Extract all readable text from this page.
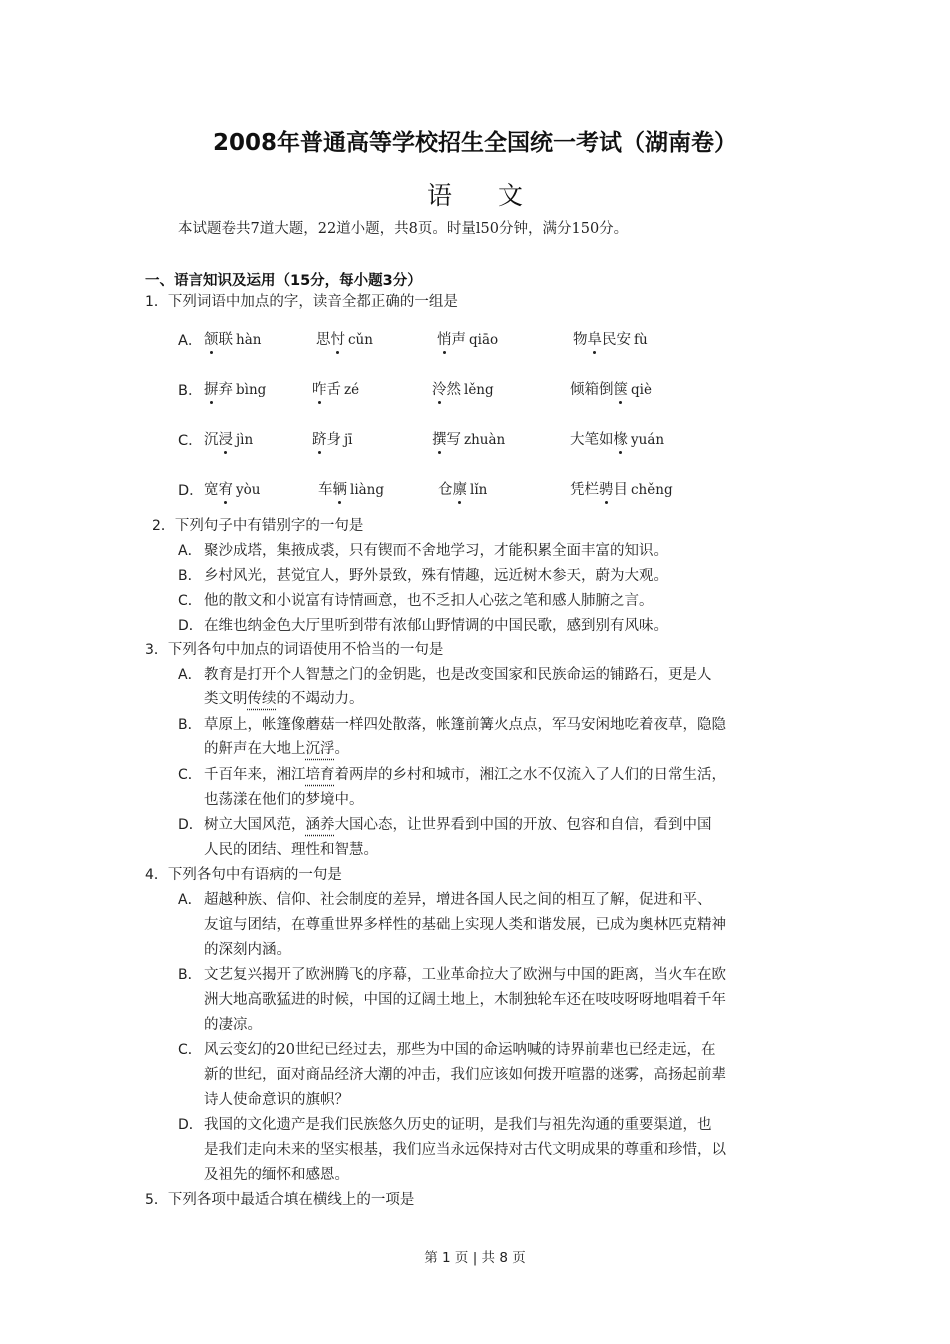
2008年普通高等学校招生全国统一考试（湖南卷）
语 文
本试题卷共7道大题，22道小题，共8页。时量l50分钟，满分150分。
一、语言知识及运用（15分，每小题3分）
1．下列词语中加点的字，读音全都正确的一组是
A． 颔联 hàn	思忖 cǔn	悄声 qiāo	物阜民安 fù
B． 摒弃 bìng	咋舌 zé	泠然 lěng	倾箱倒箧 qiè
C． 沉浸 jìn	跻身 jī	撰写 zhuàn	大笔如椽 yuán
D． 宽宥 yòu	车辆 liàng	仓廪 lǐn	凭栏骋目 chěng
2．下列句子中有错别字的一句是
A． 聚沙成塔，集掖成裘，只有锲而不舍地学习，才能积累全面丰富的知识。
B． 乡村风光，甚觉宜人，野外景致，殊有情趣，远近树木参天，蔚为大观。
C． 他的散文和小说富有诗情画意，也不乏扣人心弦之笔和感人肺腑之言。
D．在维也纳金色大厅里听到带有浓郁山野情调的中国民歌，感到别有风味。
3．下列各句中加点的词语使用不恰当的一句是
A． 教育是打开个人智慧之门的金钥匙，也是改变国家和民族命运的铺路石，更是人
类文明传续的不竭动力。
B． 草原上，帐篷像蘑菇一样四处散落，帐篷前篝火点点，军马安闲地吃着夜草，隐隐
的鼾声在大地上沉浮。
C． 千百年来，湘江培育着两岸的乡村和城市，湘江之水不仅流入了人们的日常生活，
也荡漾在他们的梦境中。
D．树立大国风范，涵养大国心态，让世界看到中国的开放、包容和自信，看到中国
人民的团结、理性和智慧。
4．下列各句中有语病的一句是
A． 超越种族、信仰、社会制度的差异，增进各国人民之间的相互了解，促进和平、
友谊与团结，在尊重世界多样性的基础上实现人类和谐发展，已成为奥林匹克精神
的深刻内涵。
B． 文艺复兴揭开了欧洲腾飞的序幕，工业革命拉大了欧洲与中国的距离，当火车在欧
洲大地高歌猛进的时候，中国的辽阔土地上，木制独轮车还在吱吱呀呀地唱着千年
的凄凉。
C． 风云变幻的20世纪已经过去，那些为中国的命运呐喊的诗界前辈也已经走远，在
新的世纪，面对商品经济大潮的冲击，我们应该如何拨开喧嚣的迷雾，高扬起前辈
诗人使命意识的旗帜？
D．我国的文化遗产是我们民族悠久历史的证明，是我们与祖先沟通的重要渠道，也
是我们走向未来的坚实根基，我们应当永远保持对古代文明成果的尊重和珍惜，以
及祖先的缅怀和感恩。
5．下列各项中最适合填在横线上的一项是
第 1 页 | 共 8 页
